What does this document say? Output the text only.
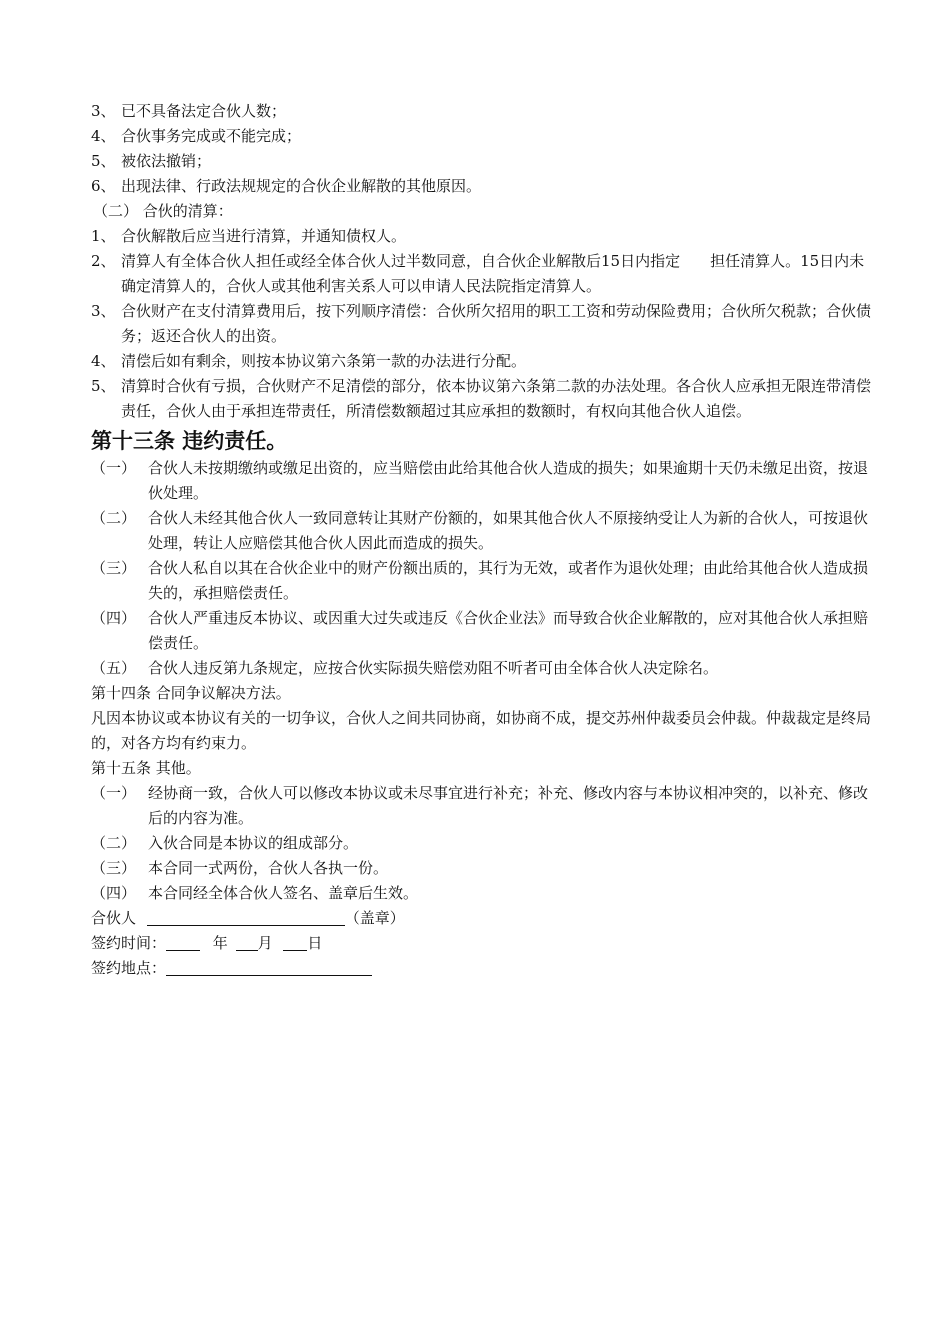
3、 已不具备法定合伙人数；
4、 合伙事务完成或不能完成；
5、 被依法撤销；
6、 出现法律、行政法规规定的合伙企业解散的其他原因。
（二） 合伙的清算：
1、 合伙解散后应当进行清算，并通知债权人。
2、 清算人有全体合伙人担任或经全体合伙人过半数同意，自合伙企业解散后15日内指定　　担任清算人。15日内未确定清算人的，合伙人或其他利害关系人可以申请人民法院指定清算人。
3、 合伙财产在支付清算费用后，按下列顺序清偿：合伙所欠招用的职工工资和劳动保险费用；合伙所欠税款；合伙债务；返还合伙人的出资。
4、 清偿后如有剩余，则按本协议第六条第一款的办法进行分配。
5、 清算时合伙有亏损，合伙财产不足清偿的部分，依本协议第六条第二款的办法处理。各合伙人应承担无限连带清偿责任，合伙人由于承担连带责任，所清偿数额超过其应承担的数额时，有权向其他合伙人追偿。
第十三条 违约责任。
（一） 合伙人未按期缴纳或缴足出资的，应当赔偿由此给其他合伙人造成的损失；如果逾期十天仍未缴足出资，按退伙处理。
（二） 合伙人未经其他合伙人一致同意转让其财产份额的，如果其他合伙人不原接纳受让人为新的合伙人，可按退伙处理，转让人应赔偿其他合伙人因此而造成的损失。
（三） 合伙人私自以其在合伙企业中的财产份额出质的，其行为无效，或者作为退伙处理；由此给其他合伙人造成损失的，承担赔偿责任。
（四） 合伙人严重违反本协议、或因重大过失或违反《合伙企业法》而导致合伙企业解散的，应对其他合伙人承担赔偿责任。
（五） 合伙人违反第九条规定，应按合伙实际损失赔偿劝阻不听者可由全体合伙人决定除名。
第十四条 合同争议解决方法。
凡因本协议或本协议有关的一切争议，合伙人之间共同协商，如协商不成，提交苏州仲裁委员会仲裁。仲裁裁定是终局的，对各方均有约束力。
第十五条 其他。
（一） 经协商一致，合伙人可以修改本协议或未尽事宜进行补充；补充、修改内容与本协议相冲突的，以补充、修改后的内容为准。
（二） 入伙合同是本协议的组成部分。
（三） 本合同一式两份，合伙人各执一份。
（四） 本合同经全体合伙人签名、盖章后生效。
合伙人	（盖章）
签约时间：	年 月 日
签约地点：
